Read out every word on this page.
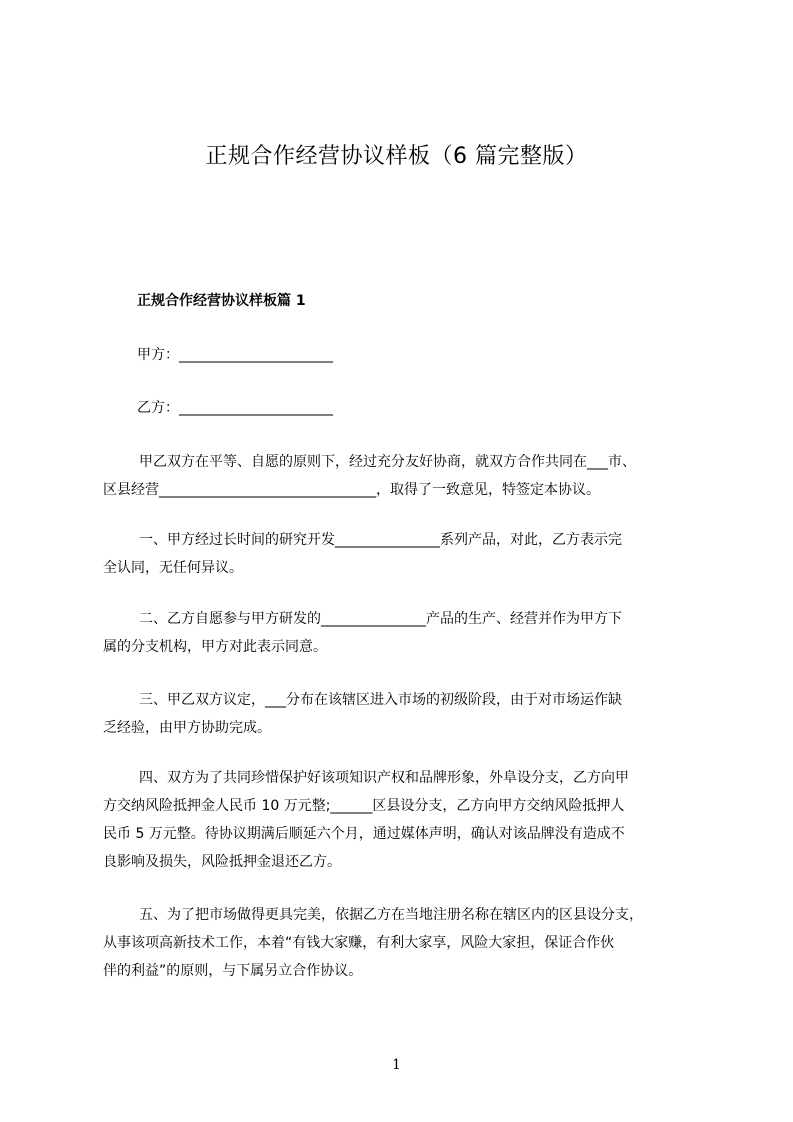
正规合作经营协议样板（6 篇完整版）
正规合作经营协议样板篇 1
甲方：______________________
乙方：______________________
甲乙双方在平等、自愿的原则下，经过充分友好协商，就双方合作共同在___市、
区县经营_______________________________，取得了一致意见，特签定本协议。
一、甲方经过长时间的研究开发_______________系列产品，对此，乙方表示完
全认同，无任何异议。
二、乙方自愿参与甲方研发的_______________产品的生产、经营并作为甲方下
属的分支机构，甲方对此表示同意。
三、甲乙双方议定，___分布在该辖区进入市场的初级阶段，由于对市场运作缺
乏经验，由甲方协助完成。
四、双方为了共同珍惜保护好该项知识产权和品牌形象，外阜设分支，乙方向甲
方交纳风险抵押金人民币 10 万元整;______区县设分支，乙方向甲方交纳风险抵押人
民币 5 万元整。待协议期满后顺延六个月，通过媒体声明，确认对该品牌没有造成不
良影响及损失，风险抵押金退还乙方。
五、为了把市场做得更具完美，依据乙方在当地注册名称在辖区内的区县设分支，
从事该项高新技术工作，本着“有钱大家赚，有利大家享，风险大家担，保证合作伙
伴的利益”的原则，与下属另立合作协议。
1
